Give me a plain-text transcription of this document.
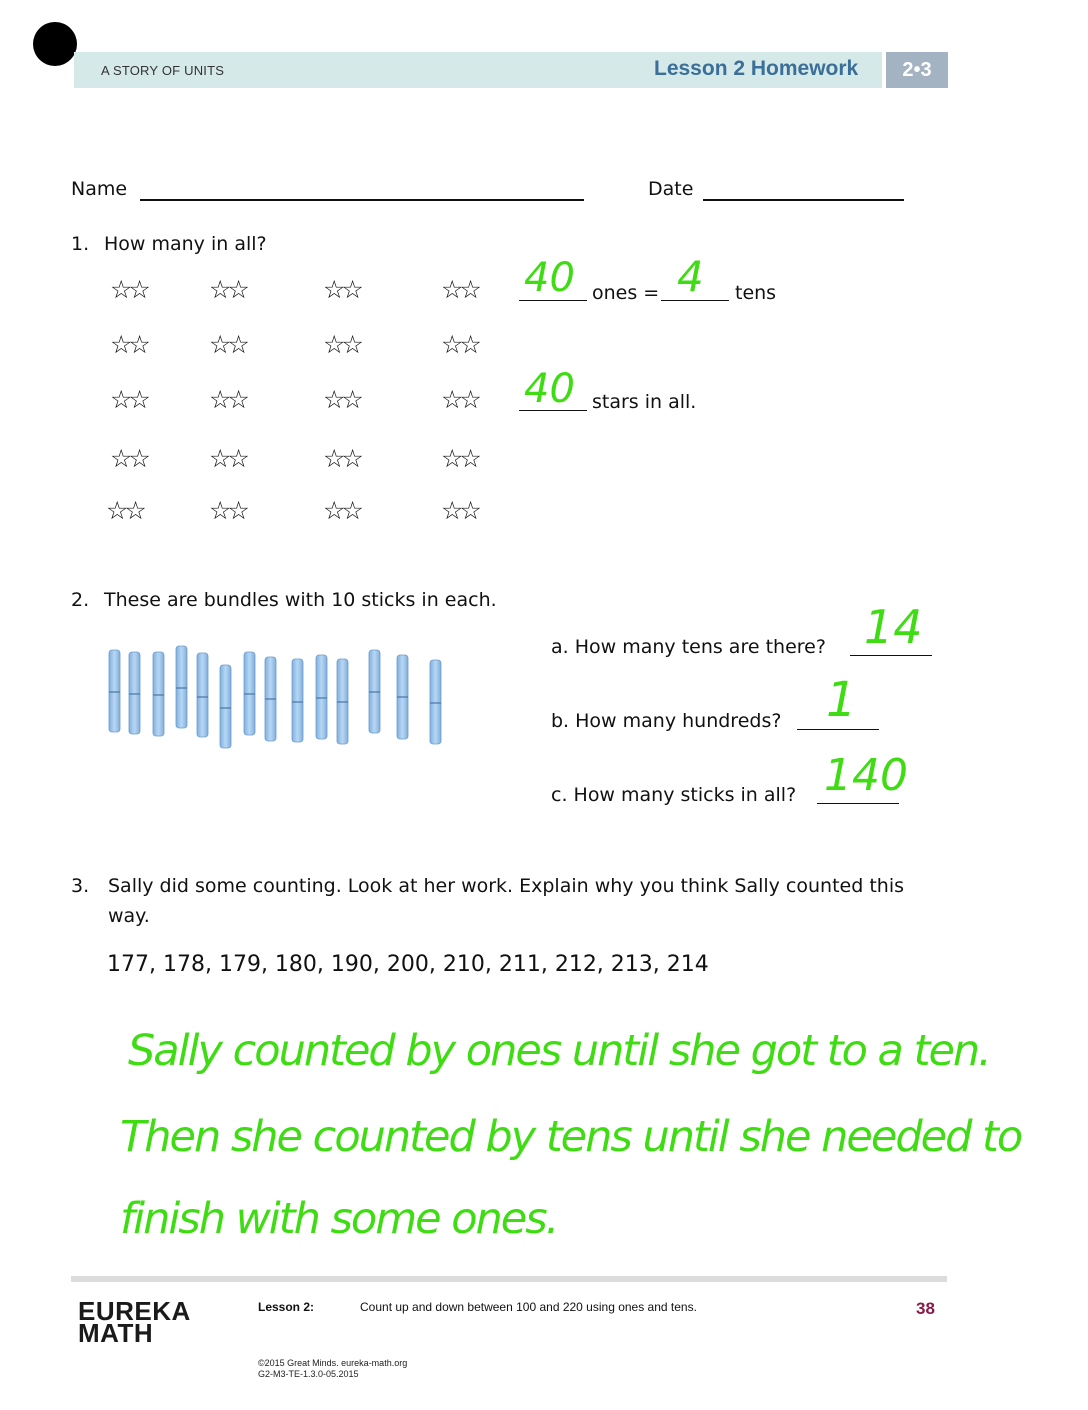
A STORY OF UNITS	Lesson 2 Homework	2•3
Name	Date
1. How many in all?
☆☆ ☆☆	☆☆	☆☆
☆☆ ☆☆	☆☆	☆☆
☆☆ ☆☆	☆☆	☆☆
☆☆ ☆☆	☆☆	☆☆
☆☆	☆☆	☆☆	☆☆
40 ones = 4 tens
40 stars in all.
2. These are bundles with 10 sticks in each.
a. How many tens are there? 14
b. How many hundreds? 1
c. How many sticks in all? 140
3. Sally did some counting. Look at her work. Explain why you think Sally counted this
way.
177, 178, 179, 180, 190, 200, 210, 211, 212, 213, 214
Sally counted by ones until she got to a ten.
Then she counted by tens until she needed to
finish with some ones.
EUREKA
MATH
Lesson 2:	Count up and down between 100 and 220 using ones and tens.	38
©2015 Great Minds. eureka-math.org
G2-M3-TE-1.3.0-05.2015
